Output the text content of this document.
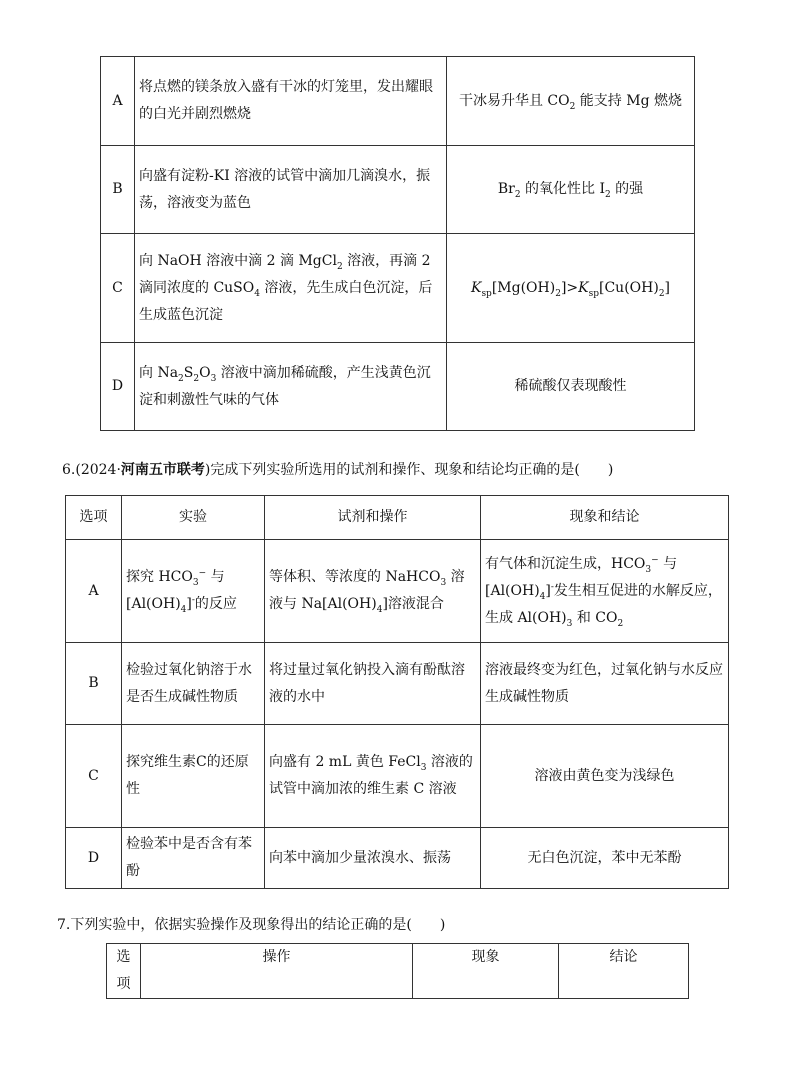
A	将点燃的镁条放入盛有干冰的灯笼里，发出耀眼的白光并剧烈燃烧	干冰易升华且 $CO_2$ 能支持 Mg 燃烧
B	向盛有淀粉-KI 溶液的试管中滴加几滴溴水，振荡，溶液变为蓝色	$Br_2$ 的氧化性比 $I_2$ 的强
C	向 NaOH 溶液中滴 2 滴 MgCl$_2$ 溶液，再滴 2 滴同浓度的 CuSO$_4$ 溶液，先生成白色沉淀，后生成蓝色沉淀	$K_{sp}[Mg(OH)_2]>K_{sp}[Cu(OH)_2]$
D	向 $Na_2S_2O_3$ 溶液中滴加稀硫酸，产生浅黄色沉淀和刺激性气味的气体	稀硫酸仅表现酸性
6.(2024·河南五市联考)完成下列实验所选用的试剂和操作、现象和结论均正确的是(　　)
选项	实验	试剂和操作	现象和结论
A	探究 $HCO_3^-$ 与 $[Al(OH)_4]^-$的反应	等体积、等浓度的 NaHCO$_3$ 溶液与 $Na[Al(OH)_4]$溶液混合	有气体和沉淀生成，$HCO_3^-$ 与 $[Al(OH)_4]^-$发生相互促进的水解反应，生成 $Al(OH)_3$ 和 $CO_2$
B	检验过氧化钠溶于水是否生成碱性物质	将过量过氧化钠投入滴有酚酞溶液的水中	溶液最终变为红色，过氧化钠与水反应生成碱性物质
C	探究维生素C的还原性	向盛有 2 mL 黄色 FeCl$_3$ 溶液的试管中滴加浓的维生素 C 溶液	溶液由黄色变为浅绿色
D	检验苯中是否含有苯酚	向苯中滴加少量浓溴水、振荡	无白色沉淀，苯中无苯酚
7.下列实验中，依据实验操作及现象得出的结论正确的是(　　)
选项	操作	现象	结论
